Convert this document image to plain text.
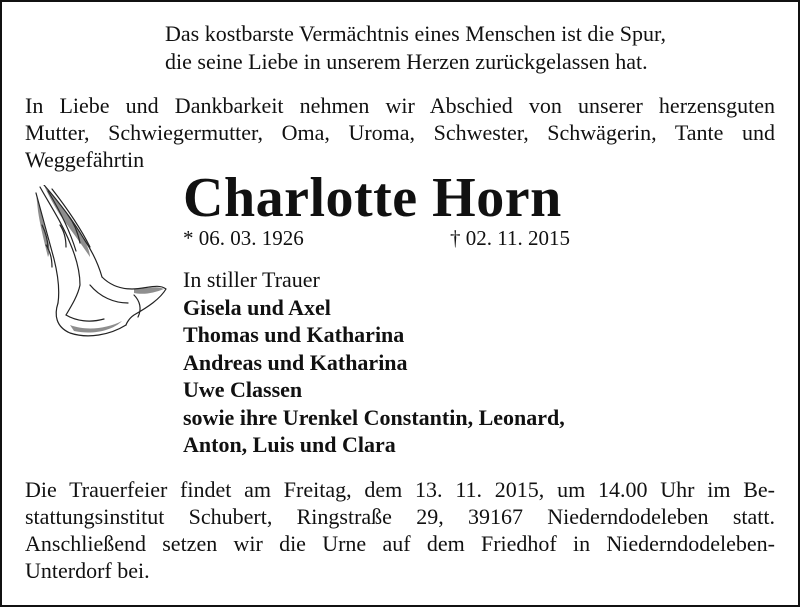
Das kostbarste Vermächtnis eines Menschen ist die Spur,
die seine Liebe in unserem Herzen zurückgelassen hat.
In Liebe und Dankbarkeit nehmen wir Abschied von unserer herzensguten
Mutter, Schwiegermutter, Oma, Uroma, Schwester, Schwägerin, Tante und
Weggefährtin
Charlotte Horn
* 06. 03. 1926	† 02. 11. 2015
In stiller Trauer
Gisela und Axel
Thomas und Katharina
Andreas und Katharina
Uwe Classen
sowie ihre Urenkel Constantin, Leonard,
Anton, Luis und Clara
Die Trauerfeier findet am Freitag, dem 13. 11. 2015, um 14.00 Uhr im Be-
stattungsinstitut Schubert, Ringstraße 29, 39167 Niederndodeleben statt.
Anschließend setzen wir die Urne auf dem Friedhof in Niederndodeleben-
Unterdorf bei.
